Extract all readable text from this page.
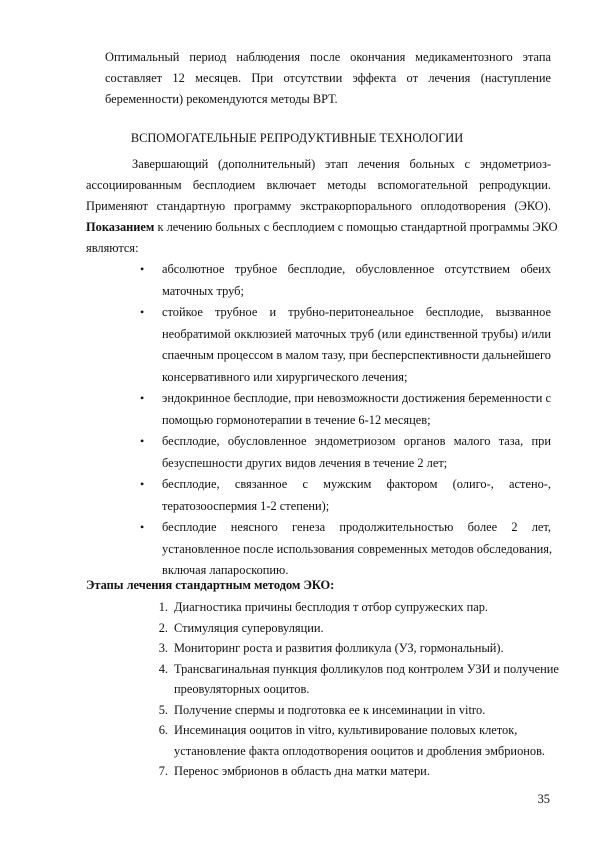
Оптимальный период наблюдения после окончания медикаментозного этапа
составляет 12 месяцев. При отсутствии эффекта от лечения (наступление
беременности) рекомендуются методы ВРТ.
ВСПОМОГАТЕЛЬНЫЕ РЕПРОДУКТИВНЫЕ ТЕХНОЛОГИИ
Завершающий (дополнительный) этап лечения больных с эндометриоз-
ассоциированным бесплодием включает методы вспомогательной репродукции.
Применяют стандартную программу экстракорпорального оплодотворения (ЭКО).
Показанием к лечению больных с бесплодием с помощью стандартной программы ЭКО
являются:
• абсолютное трубное бесплодие, обусловленное отсутствием обеих
маточных труб;
• стойкое трубное и трубно-перитонеальное бесплодие, вызванное
необратимой окклюзией маточных труб (или единственной трубы) и/или
спаечным процессом в малом тазу, при бесперспективности дальнейшего
консервативного или хирургического лечения;
• эндокринное бесплодие, при невозможности достижения беременности с
помощью гормонотерапии в течение 6-12 месяцев;
• бесплодие, обусловленное эндометриозом органов малого таза, при
безуспешности других видов лечения в течение 2 лет;
• бесплодие, связанное с мужским фактором (олиго-, астено-,
тератозооспермия 1-2 степени);
• бесплодие неясного генеза продолжительностью более 2 лет,
установленное после использования современных методов обследования,
включая лапароскопию.
Этапы лечения стандартным методом ЭКО:
1. Диагностика причины бесплодия т отбор супружеских пар.
2. Стимуляция суперовуляции.
3. Мониторинг роста и развития фолликула (УЗ, гормональный).
4. Трансвагинальная пункция фолликулов под контролем УЗИ и получение
преовуляторных ооцитов.
5. Получение спермы и подготовка ее к инсеминации in vitro.
6. Инсеминация ооцитов in vitro, культивирование половых клеток,
установление факта оплодотворения ооцитов и дробления эмбрионов.
7. Перенос эмбрионов в область дна матки матери.
35
